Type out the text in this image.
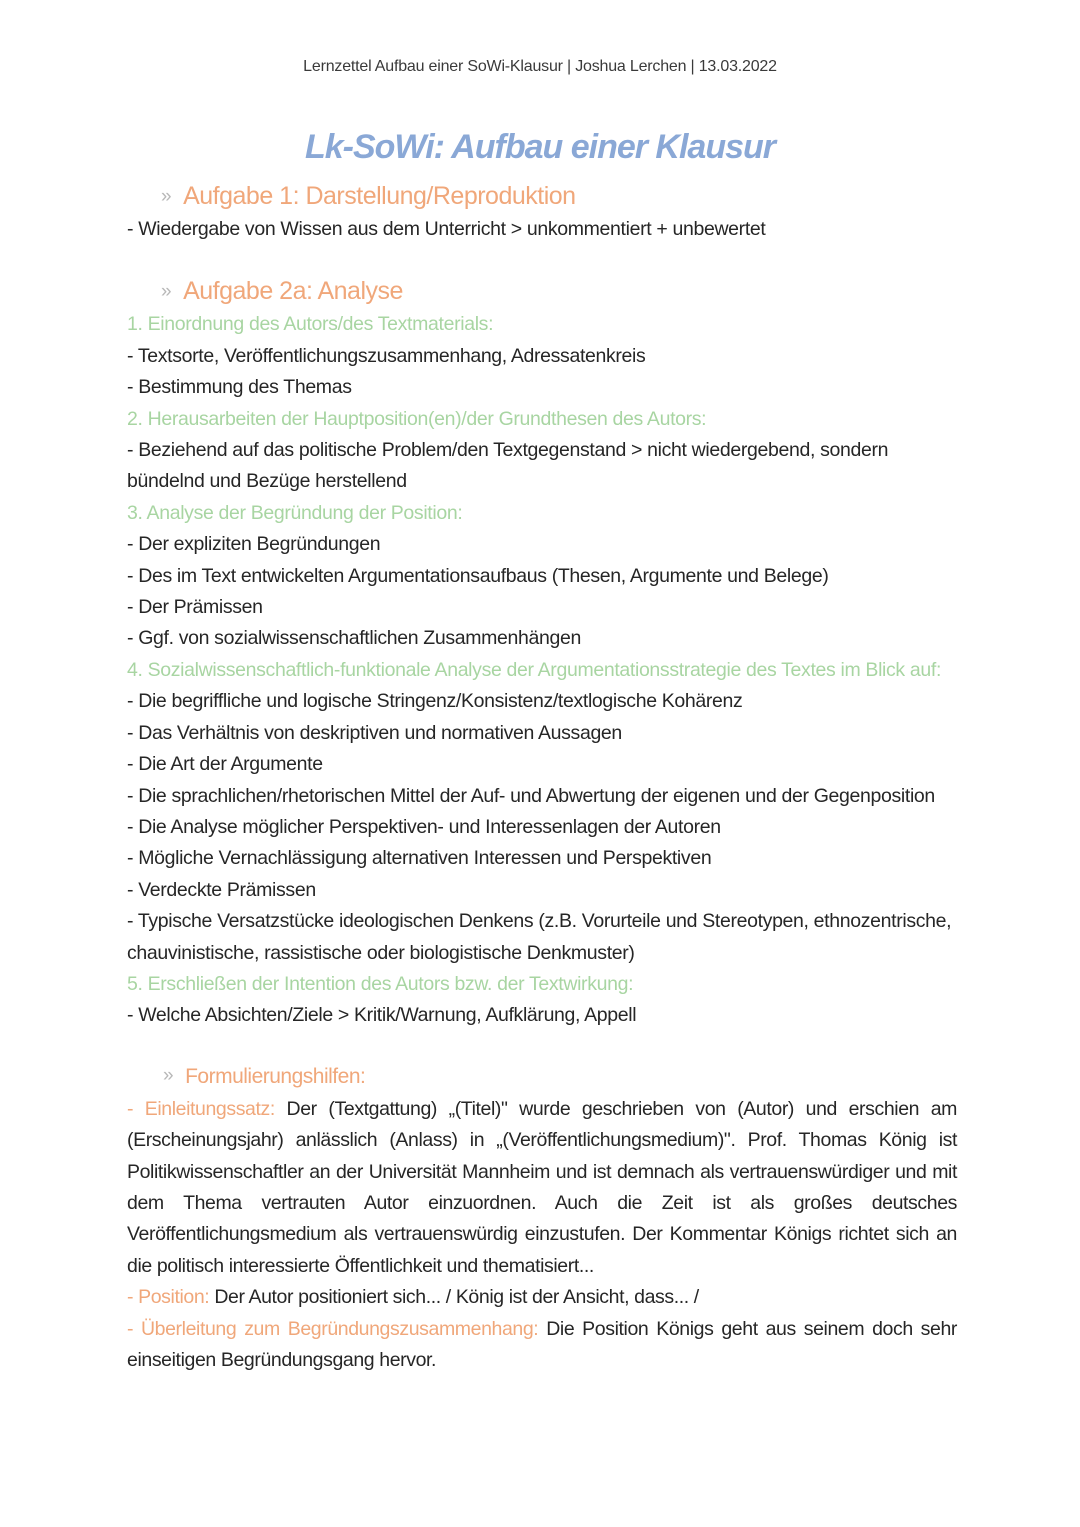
Lernzettel Aufbau einer SoWi-Klausur | Joshua Lerchen | 13.03.2022
Lk-SoWi: Aufbau einer Klausur
» Aufgabe 1: Darstellung/Reproduktion
- Wiedergabe von Wissen aus dem Unterricht > unkommentiert + unbewertet
» Aufgabe 2a: Analyse
1. Einordnung des Autors/des Textmaterials:
- Textsorte, Veröffentlichungszusammenhang, Adressatenkreis
- Bestimmung des Themas
2. Herausarbeiten der Hauptposition(en)/der Grundthesen des Autors:
- Beziehend auf das politische Problem/den Textgegenstand > nicht wiedergebend, sondern bündelnd und Bezüge herstellend
3. Analyse der Begründung der Position:
- Der expliziten Begründungen
- Des im Text entwickelten Argumentationsaufbaus (Thesen, Argumente und Belege)
- Der Prämissen
- Ggf. von sozialwissenschaftlichen Zusammenhängen
4. Sozialwissenschaftlich-funktionale Analyse der Argumentationsstrategie des Textes im Blick auf:
- Die begriffliche und logische Stringenz/Konsistenz/textlogische Kohärenz
- Das Verhältnis von deskriptiven und normativen Aussagen
- Die Art der Argumente
- Die sprachlichen/rhetorischen Mittel der Auf- und Abwertung der eigenen und der Gegenposition
- Die Analyse möglicher Perspektiven- und Interessenlagen der Autoren
- Mögliche Vernachlässigung alternativen Interessen und Perspektiven
- Verdeckte Prämissen
- Typische Versatzstücke ideologischen Denkens (z.B. Vorurteile und Stereotypen, ethnozentrische, chauvinistische, rassistische oder biologistische Denkmuster)
5. Erschließen der Intention des Autors bzw. der Textwirkung:
- Welche Absichten/Ziele > Kritik/Warnung, Aufklärung, Appell
» Formulierungshilfen:
- Einleitungssatz: Der (Textgattung) „(Titel)" wurde geschrieben von (Autor) und erschien am (Erscheinungsjahr) anlässlich (Anlass) in „(Veröffentlichungsmedium)". Prof. Thomas König ist Politikwissenschaftler an der Universität Mannheim und ist demnach als vertrauenswürdiger und mit dem Thema vertrauten Autor einzuordnen. Auch die Zeit ist als großes deutsches Veröffentlichungsmedium als vertrauenswürdig einzustufen. Der Kommentar Königs richtet sich an die politisch interessierte Öffentlichkeit und thematisiert...
- Position: Der Autor positioniert sich... / König ist der Ansicht, dass... /
- Überleitung zum Begründungszusammenhang: Die Position Königs geht aus seinem doch sehr einseitigen Begründungsgang hervor.
